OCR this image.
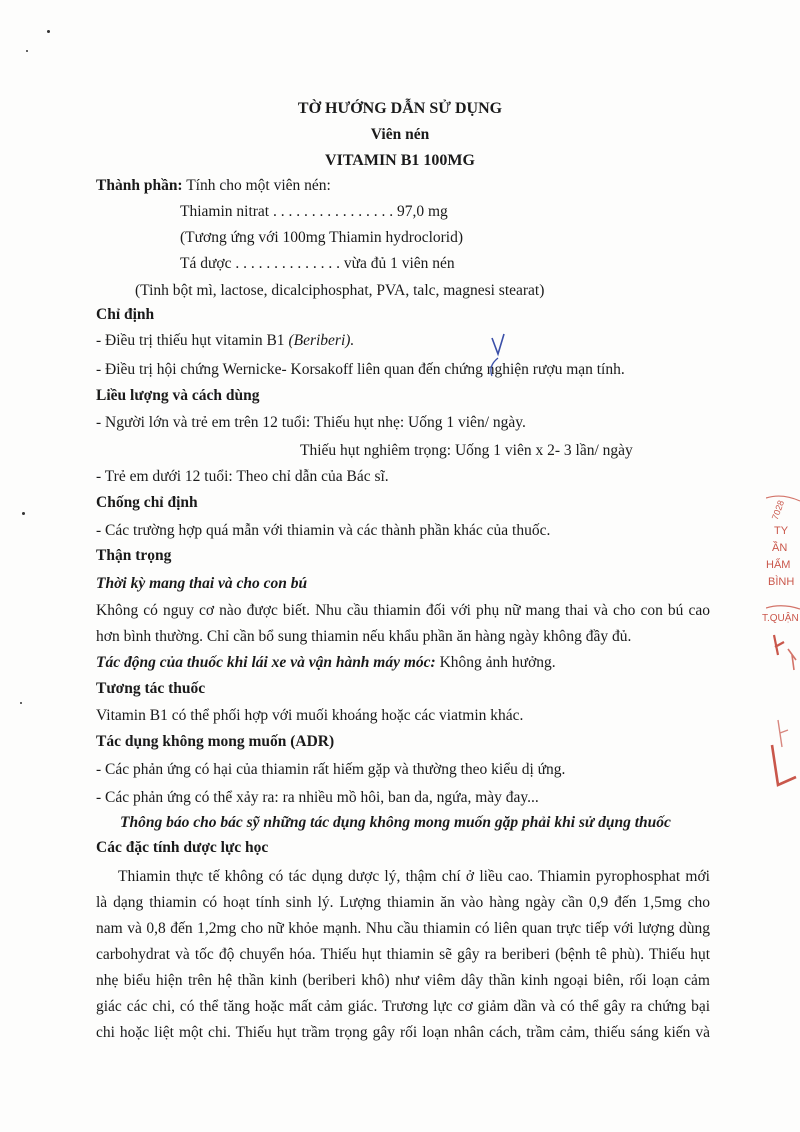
TỜ HƯỚNG DẪN SỬ DỤNG
Viên nén
VITAMIN B1 100MG
Thành phần: Tính cho một viên nén:
Thiamin nitrat . . . . . . . . . . . . . . . . 97,0 mg
(Tương ứng với 100mg Thiamin hydroclorid)
Tá dược . . . . . . . . . . . . . . vừa đủ 1 viên nén
(Tinh bột mì, lactose, dicalciphosphat, PVA, talc, magnesi stearat)
Chỉ định
- Điều trị thiếu hụt vitamin B1 (Beriberi).
- Điều trị hội chứng Wernicke- Korsakoff liên quan đến chứng nghiện rượu mạn tính.
Liều lượng và cách dùng
- Người lớn và trẻ em trên 12 tuổi: Thiếu hụt nhẹ: Uống 1 viên/ ngày.
Thiếu hụt nghiêm trọng: Uống 1 viên x 2- 3 lần/ ngày
- Trẻ em dưới 12 tuổi: Theo chỉ dẫn của Bác sĩ.
Chống chỉ định
- Các trường hợp quá mẫn với thiamin và các thành phần khác của thuốc.
Thận trọng
Thời kỳ mang thai và cho con bú
Không có nguy cơ nào được biết. Nhu cầu thiamin đối với phụ nữ mang thai và cho con bú cao
hơn bình thường. Chỉ cần bổ sung thiamin nếu khẩu phần ăn hàng ngày không đầy đủ.
Tác động của thuốc khi lái xe và vận hành máy móc: Không ảnh hưởng.
Tương tác thuốc
Vitamin B1 có thể phối hợp với muối khoáng hoặc các viatmin khác.
Tác dụng không mong muốn (ADR)
- Các phản ứng có hại của thiamin rất hiếm gặp và thường theo kiểu dị ứng.
- Các phản ứng có thể xảy ra: ra nhiều mồ hôi, ban da, ngứa, mày đay...
Thông báo cho bác sỹ những tác dụng không mong muốn gặp phải khi sử dụng thuốc
Các đặc tính dược lực học
Thiamin thực tế không có tác dụng dược lý, thậm chí ở liều cao. Thiamin pyrophosphat mới
là dạng thiamin có hoạt tính sinh lý. Lượng thiamin ăn vào hàng ngày cần 0,9 đến 1,5mg cho
nam và 0,8 đến 1,2mg cho nữ khỏe mạnh. Nhu cầu thiamin có liên quan trực tiếp với lượng dùng
carbohydrat và tốc độ chuyển hóa. Thiếu hụt thiamin sẽ gây ra beriberi (bệnh tê phù). Thiếu hụt
nhẹ biểu hiện trên hệ thần kinh (beriberi khô) như viêm dây thần kinh ngoại biên, rối loạn cảm
giác các chi, có thể tăng hoặc mất cảm giác. Trương lực cơ giảm dần và có thể gây ra chứng bại
chi hoặc liệt một chi. Thiếu hụt trầm trọng gây rối loạn nhân cách, trầm cảm, thiếu sáng kiến và
7028
TY
ẦN
HẨM
BÌNH
T.QUẬN
